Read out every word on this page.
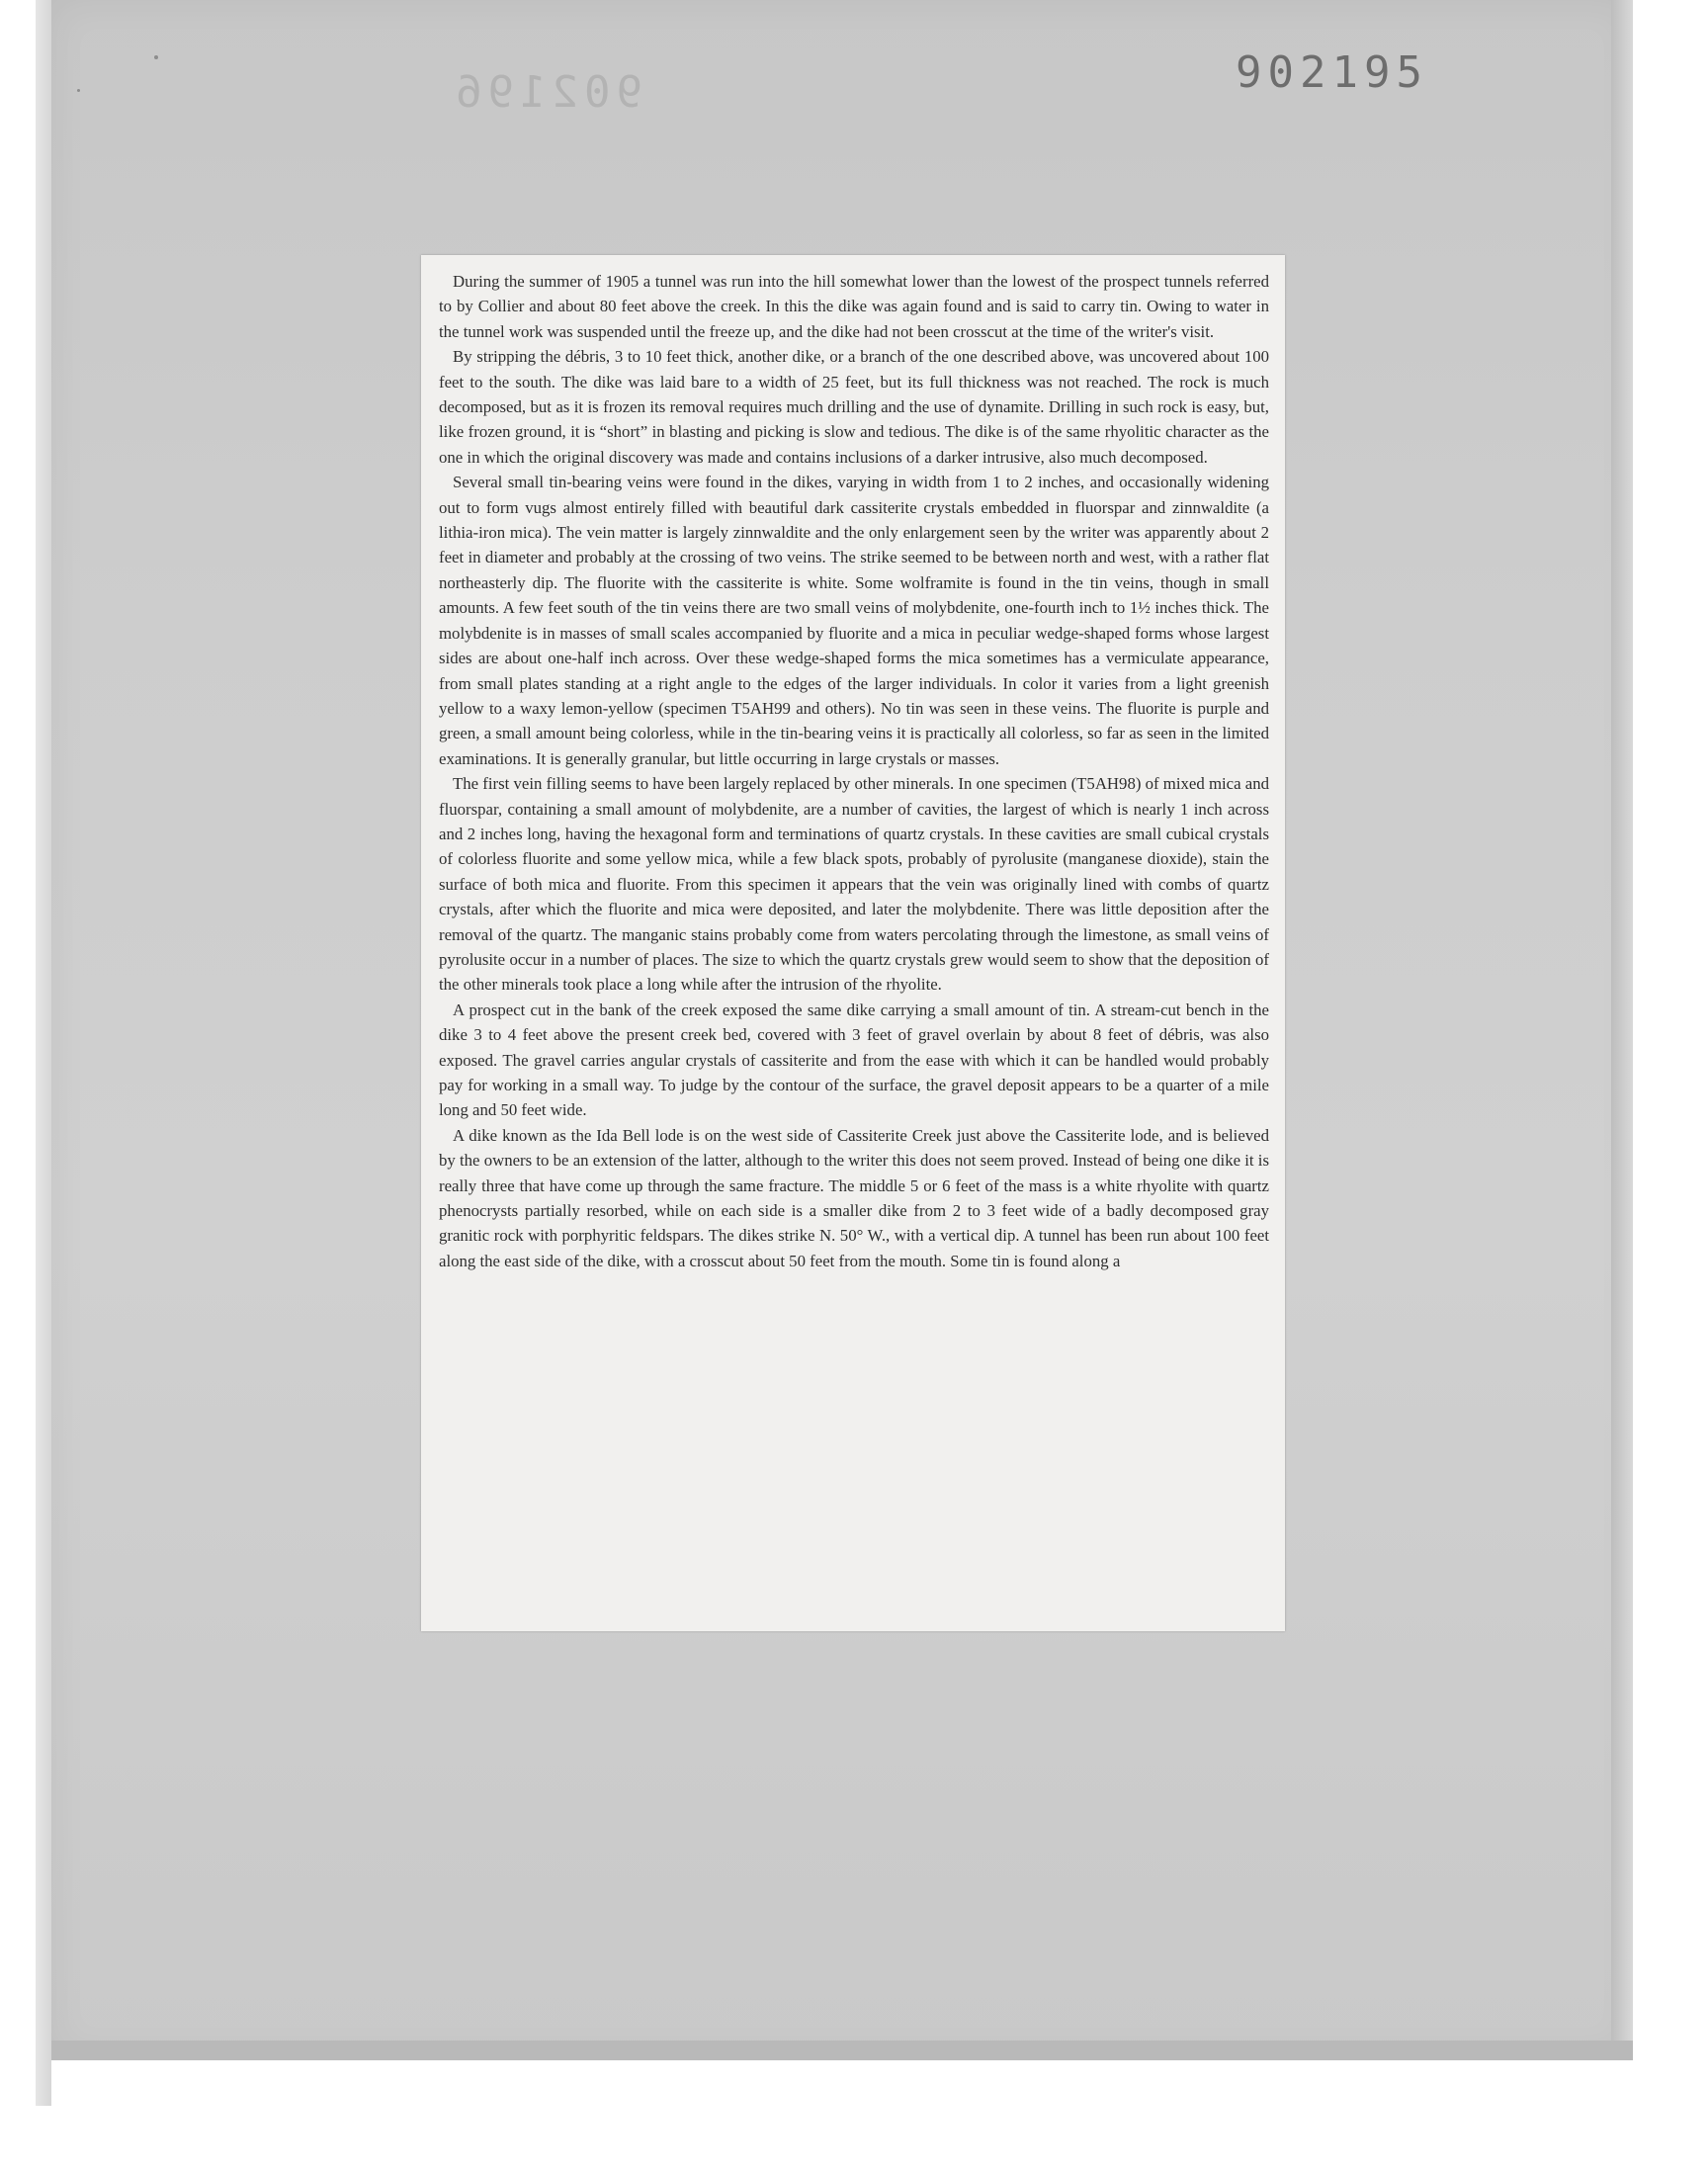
902196	902195

During the summer of 1905 a tunnel was run into the hill somewhat lower than the lowest of the prospect tunnels referred to by Collier and about 80 feet above the creek. In this the dike was again found and is said to carry tin. Owing to water in the tunnel work was suspended until the freeze up, and the dike had not been crosscut at the time of the writer's visit.

By stripping the débris, 3 to 10 feet thick, another dike, or a branch of the one described above, was uncovered about 100 feet to the south. The dike was laid bare to a width of 25 feet, but its full thickness was not reached. The rock is much decomposed, but as it is frozen its removal requires much drilling and the use of dynamite. Drilling in such rock is easy, but, like frozen ground, it is “short” in blasting and picking is slow and tedious. The dike is of the same rhyolitic character as the one in which the original discovery was made and contains inclusions of a darker intrusive, also much decomposed.

Several small tin-bearing veins were found in the dikes, varying in width from 1 to 2 inches, and occasionally widening out to form vugs almost entirely filled with beautiful dark cassiterite crystals embedded in fluorspar and zinnwaldite (a lithia-iron mica). The vein matter is largely zinnwaldite and the only enlargement seen by the writer was apparently about 2 feet in diameter and probably at the crossing of two veins. The strike seemed to be between north and west, with a rather flat northeasterly dip. The fluorite with the cassiterite is white. Some wolframite is found in the tin veins, though in small amounts. A few feet south of the tin veins there are two small veins of molybdenite, one-fourth inch to 1½ inches thick. The molybdenite is in masses of small scales accompanied by fluorite and a mica in peculiar wedge-shaped forms whose largest sides are about one-half inch across. Over these wedge-shaped forms the mica sometimes has a vermiculate appearance, from small plates standing at a right angle to the edges of the larger individuals. In color it varies from a light greenish yellow to a waxy lemon-yellow (specimen T5AH99 and others). No tin was seen in these veins. The fluorite is purple and green, a small amount being colorless, while in the tin-bearing veins it is practically all colorless, so far as seen in the limited examinations. It is generally granular, but little occurring in large crystals or masses.

The first vein filling seems to have been largely replaced by other minerals. In one specimen (T5AH98) of mixed mica and fluorspar, containing a small amount of molybdenite, are a number of cavities, the largest of which is nearly 1 inch across and 2 inches long, having the hexagonal form and terminations of quartz crystals. In these cavities are small cubical crystals of colorless fluorite and some yellow mica, while a few black spots, probably of pyrolusite (manganese dioxide), stain the surface of both mica and fluorite. From this specimen it appears that the vein was originally lined with combs of quartz crystals, after which the fluorite and mica were deposited, and later the molybdenite. There was little deposition after the removal of the quartz. The manganic stains probably come from waters percolating through the limestone, as small veins of pyrolusite occur in a number of places. The size to which the quartz crystals grew would seem to show that the deposition of the other minerals took place a long while after the intrusion of the rhyolite.

A prospect cut in the bank of the creek exposed the same dike carrying a small amount of tin. A stream-cut bench in the dike 3 to 4 feet above the present creek bed, covered with 3 feet of gravel overlain by about 8 feet of débris, was also exposed. The gravel carries angular crystals of cassiterite and from the ease with which it can be handled would probably pay for working in a small way. To judge by the contour of the surface, the gravel deposit appears to be a quarter of a mile long and 50 feet wide.

A dike known as the Ida Bell lode is on the west side of Cassiterite Creek just above the Cassiterite lode, and is believed by the owners to be an extension of the latter, although to the writer this does not seem proved. Instead of being one dike it is really three that have come up through the same fracture. The middle 5 or 6 feet of the mass is a white rhyolite with quartz phenocrysts partially resorbed, while on each side is a smaller dike from 2 to 3 feet wide of a badly decomposed gray granitic rock with porphyritic feldspars. The dikes strike N. 50° W., with a vertical dip. A tunnel has been run about 100 feet along the east side of the dike, with a crosscut about 50 feet from the mouth. Some tin is found along a
